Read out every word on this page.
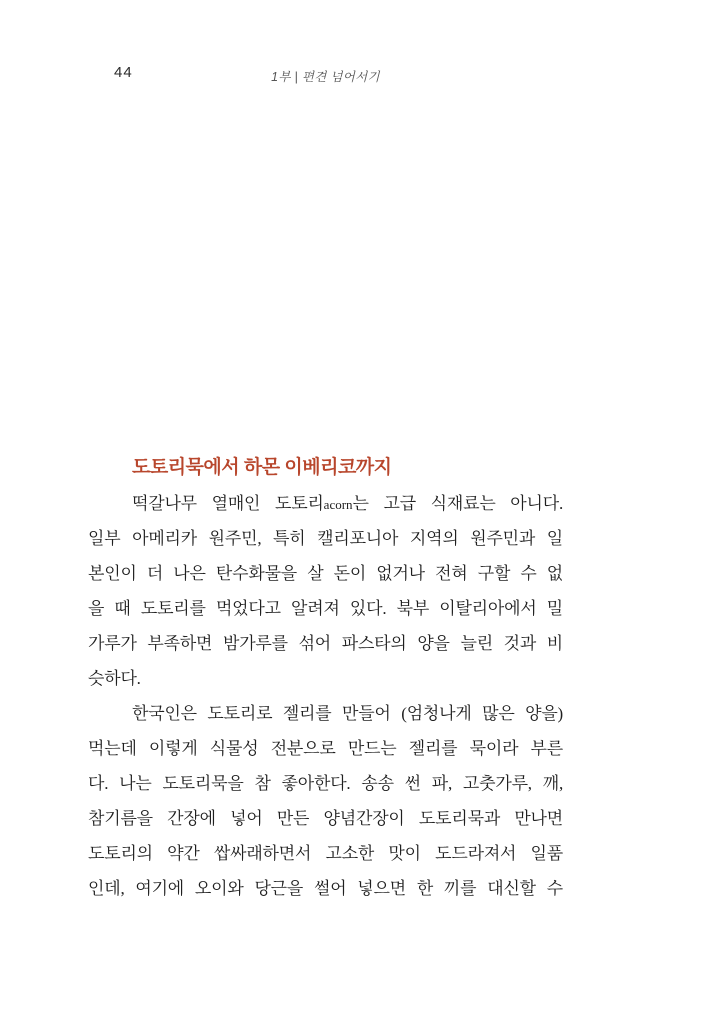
44	1부 | 편견 넘어서기
도토리묵에서 하몬 이베리코까지
떡갈나무 열매인 도토리acorn는 고급 식재료는 아니다.
일부 아메리카 원주민, 특히 캘리포니아 지역의 원주민과 일
본인이 더 나은 탄수화물을 살 돈이 없거나 전혀 구할 수 없
을 때 도토리를 먹었다고 알려져 있다. 북부 이탈리아에서 밀
가루가 부족하면 밤가루를 섞어 파스타의 양을 늘린 것과 비
슷하다.
한국인은 도토리로 젤리를 만들어 (엄청나게 많은 양을)
먹는데 이렇게 식물성 전분으로 만드는 젤리를 묵이라 부른
다. 나는 도토리묵을 참 좋아한다. 송송 썬 파, 고춧가루, 깨,
참기름을 간장에 넣어 만든 양념간장이 도토리묵과 만나면
도토리의 약간 쌉싸래하면서 고소한 맛이 도드라져서 일품
인데, 여기에 오이와 당근을 썰어 넣으면 한 끼를 대신할 수
